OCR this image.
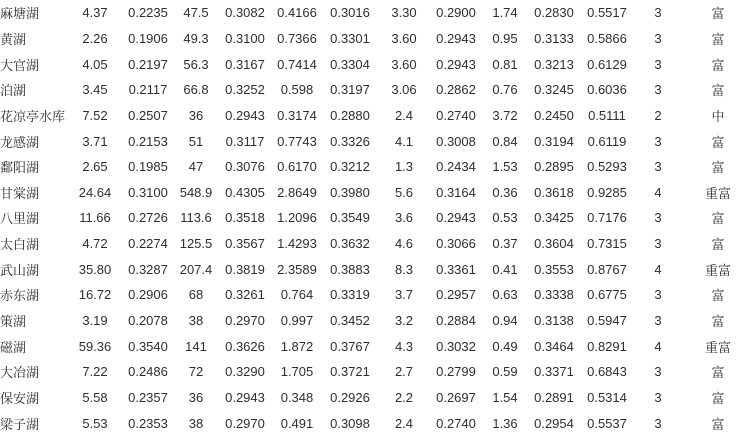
麻塘湖	4.37	0.2235	47.5	0.3082	0.4166	0.3016	3.30	0.2900	1.74	0.2830	0.5517	3	富
黄湖	2.26	0.1906	49.3	0.3100	0.7366	0.3301	3.60	0.2943	0.95	0.3133	0.5866	3	富
大官湖	4.05	0.2197	56.3	0.3167	0.7414	0.3304	3.60	0.2943	0.81	0.3213	0.6129	3	富
泊湖	3.45	0.2117	66.8	0.3252	0.598	0.3197	3.06	0.2862	0.76	0.3245	0.6036	3	富
花凉亭水库	7.52	0.2507	36	0.2943	0.3174	0.2880	2.4	0.2740	3.72	0.2450	0.5111	2	中
龙感湖	3.71	0.2153	51	0.3117	0.7743	0.3326	4.1	0.3008	0.84	0.3194	0.6119	3	富
鄱阳湖	2.65	0.1985	47	0.3076	0.6170	0.3212	1.3	0.2434	1.53	0.2895	0.5293	3	富
甘棠湖	24.64	0.3100	548.9	0.4305	2.8649	0.3980	5.6	0.3164	0.36	0.3618	0.9285	4	重富
八里湖	11.66	0.2726	113.6	0.3518	1.2096	0.3549	3.6	0.2943	0.53	0.3425	0.7176	3	富
太白湖	4.72	0.2274	125.5	0.3567	1.4293	0.3632	4.6	0.3066	0.37	0.3604	0.7315	3	富
武山湖	35.80	0.3287	207.4	0.3819	2.3589	0.3883	8.3	0.3361	0.41	0.3553	0.8767	4	重富
赤东湖	16.72	0.2906	68	0.3261	0.764	0.3319	3.7	0.2957	0.63	0.3338	0.6775	3	富
策湖	3.19	0.2078	38	0.2970	0.997	0.3452	3.2	0.2884	0.94	0.3138	0.5947	3	富
磁湖	59.36	0.3540	141	0.3626	1.872	0.3767	4.3	0.3032	0.49	0.3464	0.8291	4	重富
大冶湖	7.22	0.2486	72	0.3290	1.705	0.3721	2.7	0.2799	0.59	0.3371	0.6843	3	富
保安湖	5.58	0.2357	36	0.2943	0.348	0.2926	2.2	0.2697	1.54	0.2891	0.5314	3	富
梁子湖	5.53	0.2353	38	0.2970	0.491	0.3098	2.4	0.2740	1.36	0.2954	0.5537	3	富
